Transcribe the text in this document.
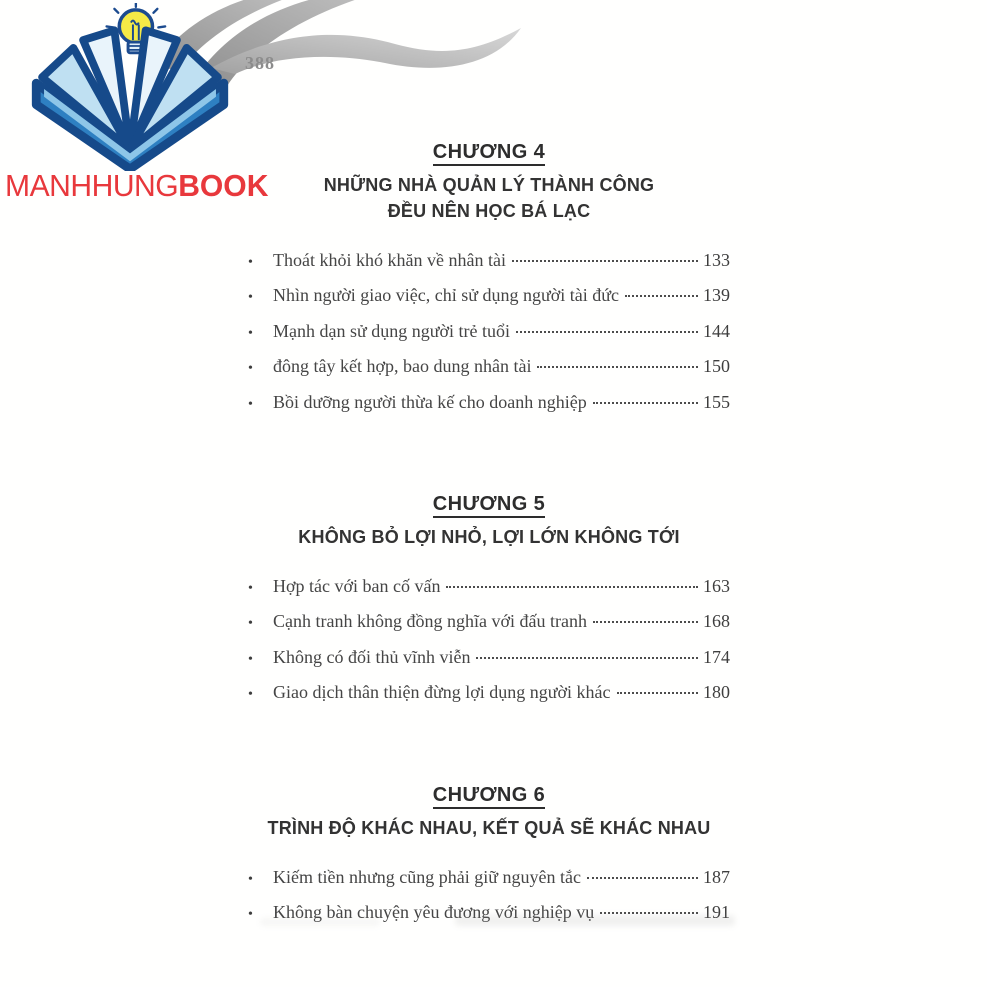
388
MANHHUNGBOOK
CHƯƠNG 4
NHỮNG NHÀ QUẢN LÝ THÀNH CÔNG
ĐỀU NÊN HỌC BÁ LẠC
•	Thoát khỏi khó khăn về nhân tài	133
•	Nhìn người giao việc, chỉ sử dụng người tài đức	139
•	Mạnh dạn sử dụng người trẻ tuổi	144
•	đông tây kết hợp, bao dung nhân tài	150
•	Bồi dưỡng người thừa kế cho doanh nghiệp	155
CHƯƠNG 5
KHÔNG BỎ LỢI NHỎ, LỢI LỚN KHÔNG TỚI
•	Hợp tác với ban cố vấn	163
•	Cạnh tranh không đồng nghĩa với đấu tranh	168
•	Không có đối thủ vĩnh viễn	174
•	Giao dịch thân thiện đừng lợi dụng người khác	180
CHƯƠNG 6
TRÌNH ĐỘ KHÁC NHAU, KẾT QUẢ SẼ KHÁC NHAU
•	Kiếm tiền nhưng cũng phải giữ nguyên tắc	187
•	Không bàn chuyện yêu đương với nghiệp vụ	191
